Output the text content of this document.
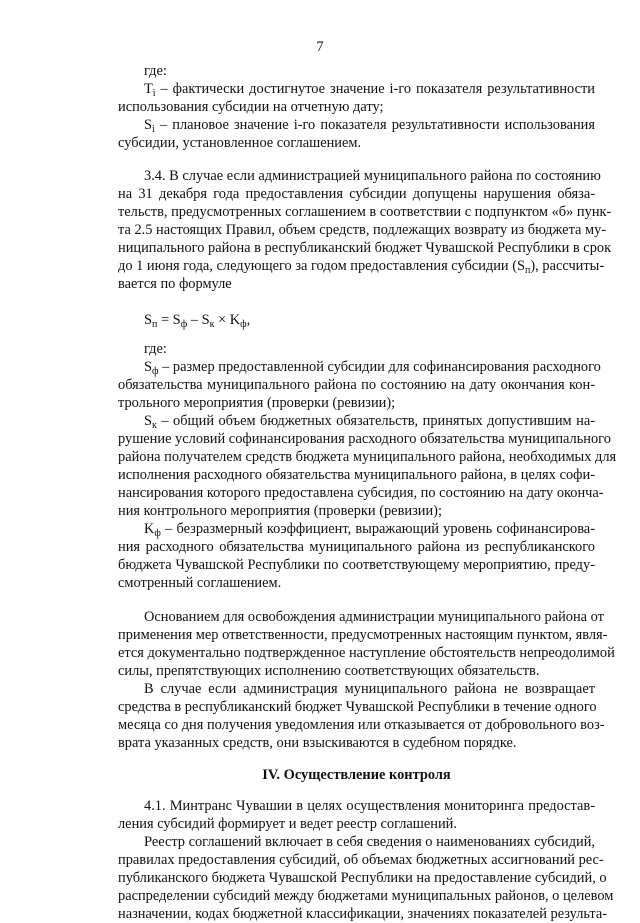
7
где:
$T_i$ – фактически достигнутое значение i-го показателя результативности
использования субсидии на отчетную дату;
$S_i$ – плановое значение i-го показателя результативности использования
субсидии, установленное соглашением.
3.4. В случае если администрацией муниципального района по состоянию
на 31 декабря года предоставления субсидии допущены нарушения обяза-
тельств, предусмотренных соглашением в соответствии с подпунктом «б» пунк-
та 2.5 настоящих Правил, объем средств, подлежащих возврату из бюджета му-
ниципального района в республиканский бюджет Чувашской Республики в срок
до 1 июня года, следующего за годом предоставления субсидии $(S_п)$, рассчиты-
вается по формуле
$S_п = S_ф - S_к \times K_ф$,
где:
$S_ф$ – размер предоставленной субсидии для софинансирования расходного
обязательства муниципального района по состоянию на дату окончания кон-
трольного мероприятия (проверки (ревизии);
$S_к$ – общий объем бюджетных обязательств, принятых допустившим на-
рушение условий софинансирования расходного обязательства муниципального
района получателем средств бюджета муниципального района, необходимых для
исполнения расходного обязательства муниципального района, в целях софи-
нансирования которого предоставлена субсидия, по состоянию на дату оконча-
ния контрольного мероприятия (проверки (ревизии);
$K_ф$ – безразмерный коэффициент, выражающий уровень софинансирова-
ния расходного обязательства муниципального района из республиканского
бюджета Чувашской Республики по соответствующему мероприятию, преду-
смотренный соглашением.
Основанием для освобождения администрации муниципального района от
применения мер ответственности, предусмотренных настоящим пунктом, явля-
ется документально подтвержденное наступление обстоятельств непреодолимой
силы, препятствующих исполнению соответствующих обязательств.
В случае если администрация муниципального района не возвращает
средства в республиканский бюджет Чувашской Республики в течение одного
месяца со дня получения уведомления или отказывается от добровольного воз-
врата указанных средств, они взыскиваются в судебном порядке.
IV. Осуществление контроля
4.1. Минтранс Чувашии в целях осуществления мониторинга предостав-
ления субсидий формирует и ведет реестр соглашений.
Реестр соглашений включает в себя сведения о наименованиях субсидий,
правилах предоставления субсидий, об объемах бюджетных ассигнований рес-
публиканского бюджета Чувашской Республики на предоставление субсидий, о
распределении субсидий между бюджетами муниципальных районов, о целевом
назначении, кодах бюджетной классификации, значениях показателей результа-
